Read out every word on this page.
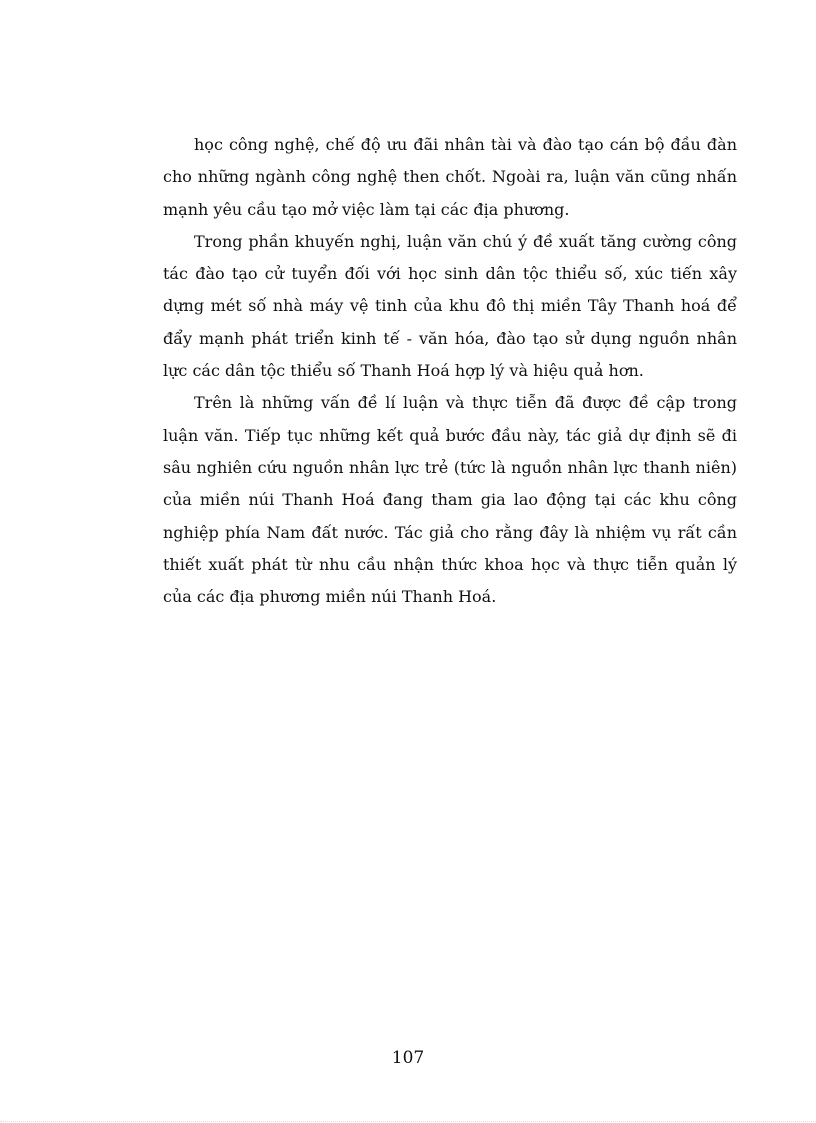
học công nghệ, chế độ ưu đãi nhân tài và đào tạo cán bộ đầu đàn cho những ngành công nghệ then chốt. Ngoài ra, luận văn cũng nhấn mạnh yêu cầu tạo mở việc làm tại các địa phương.

Trong phần khuyến nghị, luận văn chú ý đề xuất tăng cường công tác đào tạo cử tuyển đối với học sinh dân tộc thiểu số, xúc tiến xây dựng mét số nhà máy vệ tinh của khu đô thị miền Tây Thanh hoá để đẩy mạnh phát triển kinh tế - văn hóa, đào tạo sử dụng nguồn nhân lực các dân tộc thiểu số Thanh Hoá hợp lý và hiệu quả hơn.

Trên là những vấn đề lí luận và thực tiễn đã được đề cập trong luận văn. Tiếp tục những kết quả bước đầu này, tác giả dự định sẽ đi sâu nghiên cứu nguồn nhân lực trẻ (tức là nguồn nhân lực thanh niên) của miền núi Thanh Hoá đang tham gia lao động tại các khu công nghiệp phía Nam đất nước. Tác giả cho rằng đây là nhiệm vụ rất cần thiết xuất phát từ nhu cầu nhận thức khoa học và thực tiễn quản lý của các địa phương miền núi Thanh Hoá.

107
